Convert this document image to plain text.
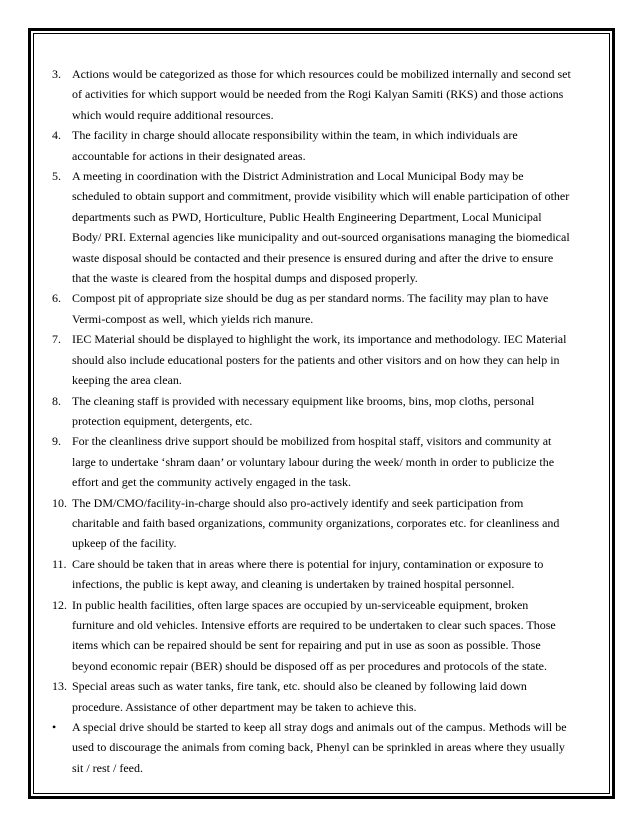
3. Actions would be categorized as those for which resources could be mobilized internally and second set of activities for which support would be needed from the Rogi Kalyan Samiti (RKS) and those actions which would require additional resources.
4. The facility in charge should allocate responsibility within the team, in which individuals are accountable for actions in their designated areas.
5. A meeting in coordination with the District Administration and Local Municipal Body may be scheduled to obtain support and commitment, provide visibility which will enable participation of other departments such as PWD, Horticulture, Public Health Engineering Department, Local Municipal Body/ PRI. External agencies like municipality and out-sourced organisations managing the biomedical waste disposal should be contacted and their presence is ensured during and after the drive to ensure that the waste is cleared from the hospital dumps and disposed properly.
6. Compost pit of appropriate size should be dug as per standard norms. The facility may plan to have Vermi-compost as well, which yields rich manure.
7. IEC Material should be displayed to highlight the work, its importance and methodology. IEC Material should also include educational posters for the patients and other visitors and on how they can help in keeping the area clean.
8. The cleaning staff is provided with necessary equipment like brooms, bins, mop cloths, personal protection equipment, detergents, etc.
9. For the cleanliness drive support should be mobilized from hospital staff, visitors and community at large to undertake ‘shram daan’ or voluntary labour during the week/ month in order to publicize the effort and get the community actively engaged in the task.
10. The DM/CMO/facility-in-charge should also pro-actively identify and seek participation from charitable and faith based organizations, community organizations, corporates etc. for cleanliness and upkeep of the facility.
11. Care should be taken that in areas where there is potential for injury, contamination or exposure to infections, the public is kept away, and cleaning is undertaken by trained hospital personnel.
12. In public health facilities, often large spaces are occupied by un-serviceable equipment, broken furniture and old vehicles. Intensive efforts are required to be undertaken to clear such spaces. Those items which can be repaired should be sent for repairing and put in use as soon as possible. Those beyond economic repair (BER) should be disposed off as per procedures and protocols of the state.
13. Special areas such as water tanks, fire tank, etc. should also be cleaned by following laid down procedure. Assistance of other department may be taken to achieve this.
•	A special drive should be started to keep all stray dogs and animals out of the campus. Methods will be used to discourage the animals from coming back, Phenyl can be sprinkled in areas where they usually sit / rest / feed.
